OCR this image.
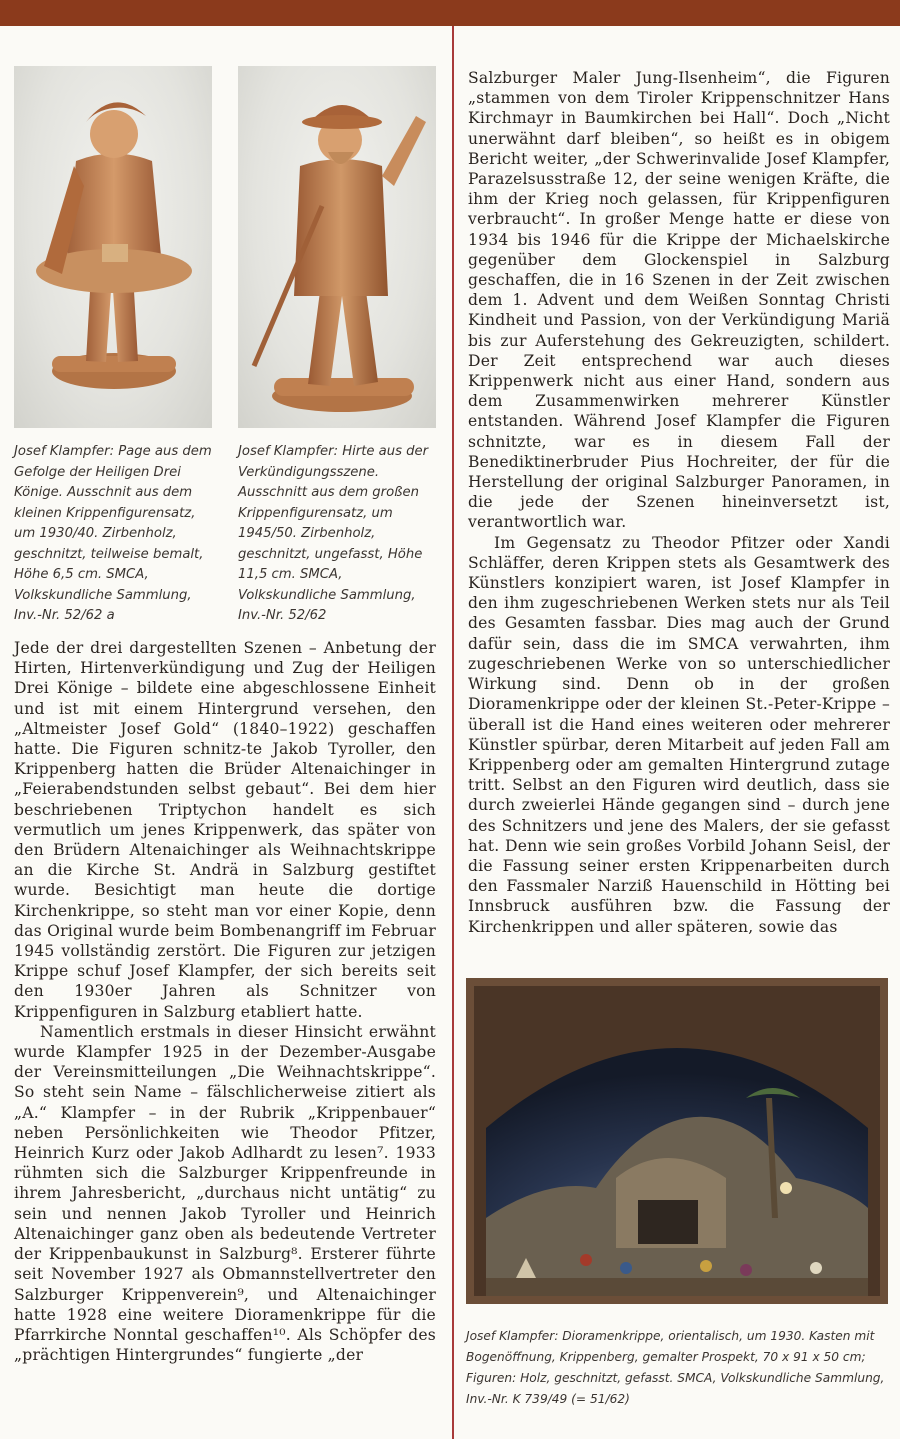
Josef Klampfer: Page aus dem Gefolge der Heiligen Drei Könige. Ausschnit aus dem kleinen Krippenfigurensatz, um 1930/40. Zirbenholz, geschnitzt, teilweise bemalt, Höhe 6,5 cm. SMCA, Volkskundliche Sammlung, Inv.-Nr. 52/62 a

Josef Klampfer: Hirte aus der Verkündigungsszene. Ausschnitt aus dem großen Krippenfigurensatz, um 1945/50. Zirbenholz, geschnitzt, ungefasst, Höhe 11,5 cm. SMCA, Volkskundliche Sammlung, Inv.-Nr. 52/62

Jede der drei dargestellten Szenen – Anbetung der Hirten, Hirtenverkündigung und Zug der Heiligen Drei Könige – bildete eine abgeschlossene Einheit und ist mit einem Hintergrund versehen, den „Altmeister Josef Gold“ (1840–1922) geschaffen hatte. Die Figuren schnitz-te Jakob Tyroller, den Krippenberg hatten die Brüder Altenaichinger in „Feierabendstunden selbst gebaut“. Bei dem hier beschriebenen Triptychon handelt es sich vermutlich um jenes Krippenwerk, das später von den Brüdern Altenaichinger als Weihnachtskrippe an die Kirche St. Andrä in Salzburg gestiftet wurde. Besichtigt man heute die dortige Kirchenkrippe, so steht man vor einer Kopie, denn das Original wurde beim Bombenangriff im Februar 1945 vollständig zerstört. Die Figuren zur jetzigen Krippe schuf Josef Klampfer, der sich bereits seit den 1930er Jahren als Schnitzer von Krippenfiguren in Salzburg etabliert hatte.

Namentlich erstmals in dieser Hinsicht erwähnt wurde Klampfer 1925 in der Dezember-Ausgabe der Vereinsmitteilungen „Die Weihnachtskrippe“. So steht sein Name – fälschlicherweise zitiert als „A.“ Klampfer – in der Rubrik „Krippenbauer“ neben Persönlichkeiten wie Theodor Pfitzer, Heinrich Kurz oder Jakob Adlhardt zu lesen⁷. 1933 rühmten sich die Salzburger Krippenfreunde in ihrem Jahresbericht, „durchaus nicht untätig“ zu sein und nennen Jakob Tyroller und Heinrich Altenaichinger ganz oben als bedeutende Vertreter der Krippenbaukunst in Salzburg⁸. Ersterer führte seit November 1927 als Obmannstellvertreter den Salzburger Krippenverein⁹, und Altenaichinger hatte 1928 eine weitere Dioramenkrippe für die Pfarrkirche Nonntal geschaffen¹⁰. Als Schöpfer des „prächtigen Hintergrundes“ fungierte „der

Salzburger Maler Jung-Ilsenheim“, die Figuren „stammen von dem Tiroler Krippenschnitzer Hans Kirchmayr in Baumkirchen bei Hall“. Doch „Nicht unerwähnt darf bleiben“, so heißt es in obigem Bericht weiter, „der Schwerinvalide Josef Klampfer, Parazelsusstraße 12, der seine wenigen Kräfte, die ihm der Krieg noch gelassen, für Krippenfiguren verbraucht“. In großer Menge hatte er diese von 1934 bis 1946 für die Krippe der Michaelskirche gegenüber dem Glockenspiel in Salzburg geschaffen, die in 16 Szenen in der Zeit zwischen dem 1. Advent und dem Weißen Sonntag Christi Kindheit und Passion, von der Verkündigung Mariä bis zur Auferstehung des Gekreuzigten, schildert. Der Zeit entsprechend war auch dieses Krippenwerk nicht aus einer Hand, sondern aus dem Zusammenwirken mehrerer Künstler entstanden. Während Josef Klampfer die Figuren schnitzte, war es in diesem Fall der Benediktinerbruder Pius Hochreiter, der für die Herstellung der original Salzburger Panoramen, in die jede der Szenen hineinversetzt ist, verantwortlich war.

Im Gegensatz zu Theodor Pfitzer oder Xandi Schläffer, deren Krippen stets als Gesamtwerk des Künstlers konzipiert waren, ist Josef Klampfer in den ihm zugeschriebenen Werken stets nur als Teil des Gesamten fassbar. Dies mag auch der Grund dafür sein, dass die im SMCA verwahrten, ihm zugeschriebenen Werke von so unterschiedlicher Wirkung sind. Denn ob in der großen Dioramenkrippe oder der kleinen St.-Peter-Krippe – überall ist die Hand eines weiteren oder mehrerer Künstler spürbar, deren Mitarbeit auf jeden Fall am Krippenberg oder am gemalten Hintergrund zutage tritt. Selbst an den Figuren wird deutlich, dass sie durch zweierlei Hände gegangen sind – durch jene des Schnitzers und jene des Malers, der sie gefasst hat. Denn wie sein großes Vorbild Johann Seisl, der die Fassung seiner ersten Krippenarbeiten durch den Fassmaler Narziß Hauenschild in Hötting bei Innsbruck ausführen bzw. die Fassung der Kirchenkrippen und aller späteren, sowie das

Josef Klampfer: Dioramenkrippe, orientalisch, um 1930. Kasten mit Bogenöffnung, Krippenberg, gemalter Prospekt, 70 x 91 x 50 cm; Figuren: Holz, geschnitzt, gefasst. SMCA, Volkskundliche Sammlung, Inv.-Nr. K 739/49 (= 51/62)
